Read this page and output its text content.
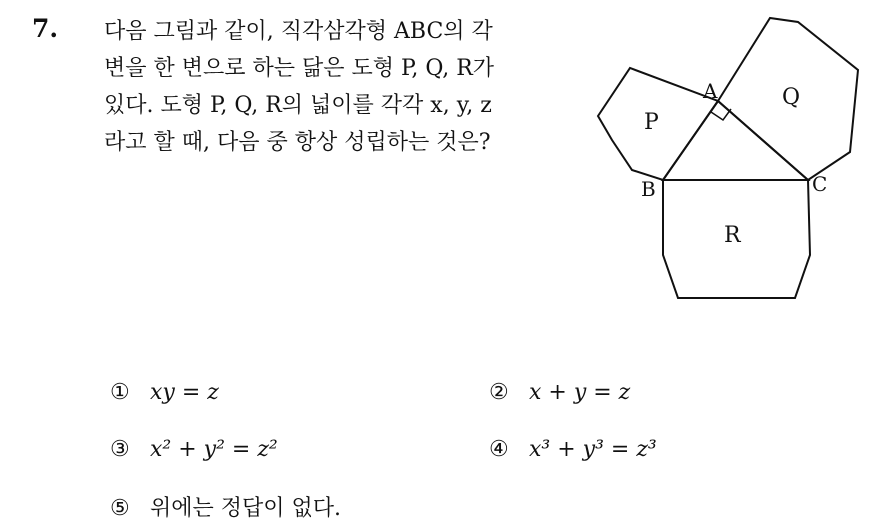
7. 다음 그림과 같이, 직각삼각형 ABC의 각
변을 한 변으로 하는 닮은 도형 P, Q, R가
있다. 도형 P, Q, R의 넓이를 각각 x, y, z
라고 할 때, 다음 중 항상 성립하는 것은?
A
B	C
P
Q
R
① xy = z	② x + y = z
③ x² + y² = z²	④ x³ + y³ = z³
⑤ 위에는 정답이 없다.
